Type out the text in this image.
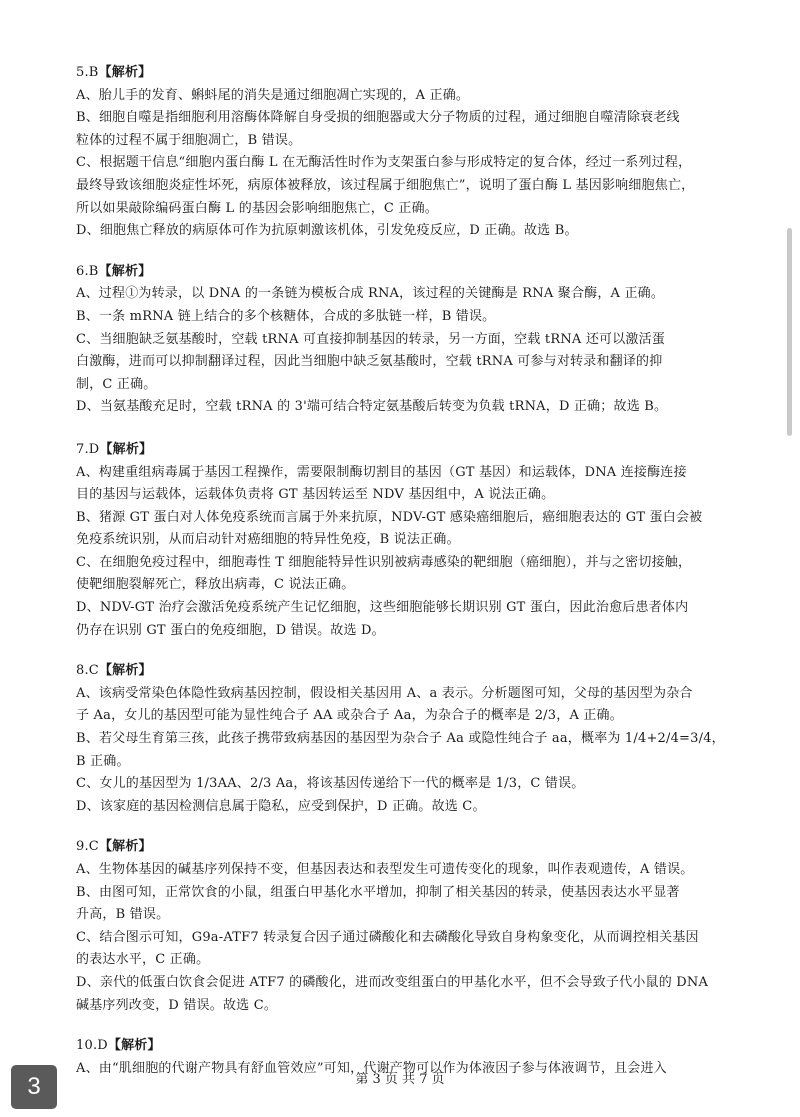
5.B【解析】
A、胎儿手的发育、蝌蚪尾的消失是通过细胞凋亡实现的，A 正确。
B、细胞自噬是指细胞利用溶酶体降解自身受损的细胞器或大分子物质的过程，通过细胞自噬清除衰老线
粒体的过程不属于细胞凋亡，B 错误。
C、根据题干信息“细胞内蛋白酶 L 在无酶活性时作为支架蛋白参与形成特定的复合体，经过一系列过程，
最终导致该细胞炎症性坏死，病原体被释放，该过程属于细胞焦亡”，说明了蛋白酶 L 基因影响细胞焦亡，
所以如果敲除编码蛋白酶 L 的基因会影响细胞焦亡，C 正确。
D、细胞焦亡释放的病原体可作为抗原刺激该机体，引发免疫反应，D 正确。故选 B。
6.B【解析】
A、过程①为转录，以 DNA 的一条链为模板合成 RNA，该过程的关键酶是 RNA 聚合酶，A 正确。
B、一条 mRNA 链上结合的多个核糖体，合成的多肽链一样，B 错误。
C、当细胞缺乏氨基酸时，空载 tRNA 可直接抑制基因的转录，另一方面，空载 tRNA 还可以激活蛋
白激酶，进而可以抑制翻译过程，因此当细胞中缺乏氨基酸时，空载 tRNA 可参与对转录和翻译的抑
制，C 正确。
D、当氨基酸充足时，空载 tRNA 的 3'端可结合特定氨基酸后转变为负载 tRNA，D 正确；故选 B。
7.D【解析】
A、构建重组病毒属于基因工程操作，需要限制酶切割目的基因（GT 基因）和运载体，DNA 连接酶连接
目的基因与运载体，运载体负责将 GT 基因转运至 NDV 基因组中，A 说法正确。
B、猪源 GT 蛋白对人体免疫系统而言属于外来抗原，NDV-GT 感染癌细胞后，癌细胞表达的 GT 蛋白会被
免疫系统识别，从而启动针对癌细胞的特异性免疫，B 说法正确。
C、在细胞免疫过程中，细胞毒性 T 细胞能特异性识别被病毒感染的靶细胞（癌细胞），并与之密切接触，
使靶细胞裂解死亡，释放出病毒，C 说法正确。
D、NDV-GT 治疗会激活免疫系统产生记忆细胞，这些细胞能够长期识别 GT 蛋白，因此治愈后患者体内
仍存在识别 GT 蛋白的免疫细胞，D 错误。故选 D。
8.C【解析】
A、该病受常染色体隐性致病基因控制，假设相关基因用 A、a 表示。分析题图可知，父母的基因型为杂合
子 Aa，女儿的基因型可能为显性纯合子 AA 或杂合子 Aa，为杂合子的概率是 2/3，A 正确。
B、若父母生育第三孩，此孩子携带致病基因的基因型为杂合子 Aa 或隐性纯合子 aa，概率为 1/4+2/4=3/4，
B 正确。
C、女儿的基因型为 1/3AA、2/3 Aa，将该基因传递给下一代的概率是 1/3，C 错误。
D、该家庭的基因检测信息属于隐私，应受到保护，D 正确。故选 C。
9.C【解析】
A、生物体基因的碱基序列保持不变，但基因表达和表型发生可遗传变化的现象，叫作表观遗传，A 错误。
B、由图可知，正常饮食的小鼠，组蛋白甲基化水平增加，抑制了相关基因的转录，使基因表达水平显著
升高，B 错误。
C、结合图示可知，G9a-ATF7 转录复合因子通过磷酸化和去磷酸化导致自身构象变化，从而调控相关基因
的表达水平，C 正确。
D、亲代的低蛋白饮食会促进 ATF7 的磷酸化，进而改变组蛋白的甲基化水平，但不会导致子代小鼠的 DNA
碱基序列改变，D 错误。故选 C。
10.D【解析】
A、由“肌细胞的代谢产物具有舒血管效应”可知，代谢产物可以作为体液因子参与体液调节，且会进入
第 3 页 共 7 页
3
